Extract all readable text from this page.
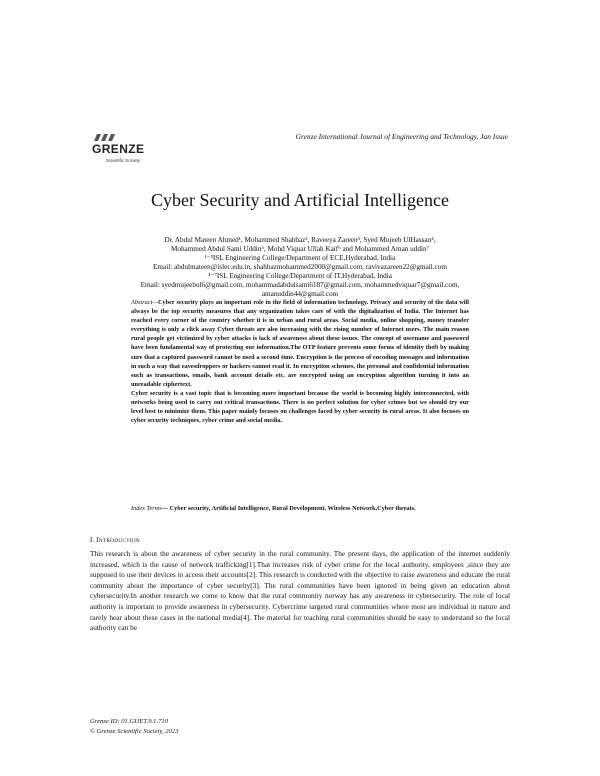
GRENZE
Scientific Society
Grenze International Journal of Engineering and Technology, Jan Issue
Cyber Security and Artificial Intelligence
Dr. Abdul Mateen Ahmed¹, Mohammed Shahbaz², Raveeya Zareen³, Syed Mujeeb UlHassan⁴,
Mohammed Abdul Sami Uddin⁵, Mohd Viquar Ullah Kaif⁶ and Mohammed Aman uddin⁷
¹⁻³ISL Engineering College/Department of ECE,Hyderabad, India
Email: abdulmateen@islec.edu.in, shahbazmohammed2000@gmail.com, raviyazareen22@gmail.com
⁴⁻⁷ISL Engineering College/Department of IT,Hyderabad, India
Email: syedmujeebul6@gmail.com, mohammadabdulsami6187@gmail.com, mohammedviquar7@gmail.com,
amanuddin44@gmail.com

Abstract—Cyber security plays an important role in the field of information technology. Privacy and security of the data will always be the top security measures that any organization takes care of with the digitalization of India. The Internet has reached every corner of the country whether it is in urban and rural areas. Social media, online shopping, money transfer everything is only a click away Cyber threats are also increasing with the rising number of Internet users. The main reason rural people get victimized by cyber attacks is lack of awareness about these issues. The concept of username and password have been fundamental way of protecting our information.The OTP feature prevents some forms of identity theft by making sure that a captured password cannot be used a second time. Encryption is the process of encoding messages and information in such a way that eavesdroppers or hackers cannot read it. In encryption schemes, the personal and confidential information such as transactions, emails, bank account details etc. are encrypted using an encryption algorithm turning it into an unreadable ciphertext.

Cyber security is a vast topic that is becoming more important because the world is becoming highly interconnected, with networks being used to carry out critical transactions. There is no perfect solution for cyber crimes but we should try our level best to minimize them. This paper mainly focuses on challenges faced by cyber security in rural areas. It also focuses on cyber security techniques, cyber crime and social media.

Index Terms— Cyber security, Artificial Intelligence, Rural Development, Wireless Network,Cyber threats.
I. INTRODUCTION
This research is about the awareness of cyber security in the rural community. The present days, the application of the internet suddenly increased, which is the cause of network trafficking[1].That increases risk of cyber crime for the local authority, employees ,since they are supposed to use their devices to access their accounts[2]. This research is conducted with the objective to raise awareness and educate the rural community about the importance of cyber security[3]. The rural communities have been ignored in being given an education about cybersecurity.In another research we come to know that the rural community norway has any awareness in cybersecurity. The role of local authority is important to provide awareness in cybersecurity. Cybercrime targeted rural communities where most are individual in nature and rarely hear about these cases in the national media[4]. The material for teaching rural communities should be easy to understand so the local authority can be
Grenze ID: 01.GIJET.9.1.710
© Grenze Scientific Society, 2023
